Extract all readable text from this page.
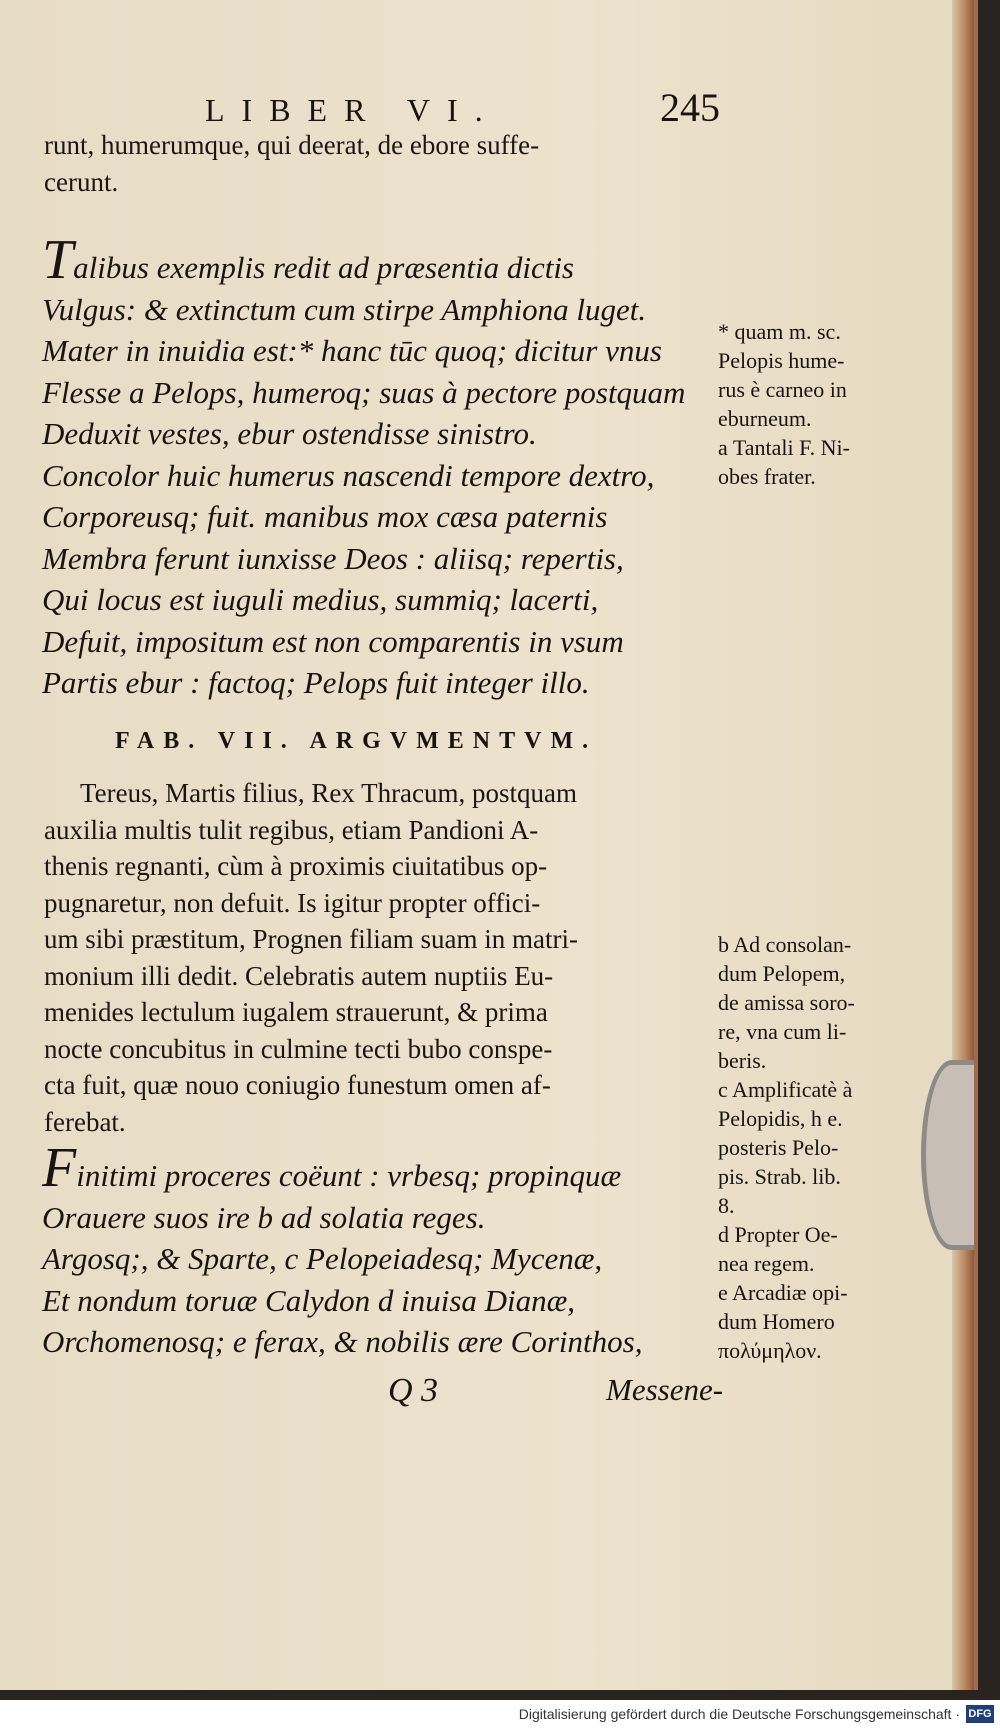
LIBER VI.	245
runt, humerumque, qui deerat, de ebore suffe-
cerunt.
Talibus exemplis redit ad præsentia dictis
Vulgus: & extinctum cum stirpe Amphiona luget.
Mater in inuidia est:* hanc tūc quoq; dicitur vnus
Flesse a Pelops, humeroq; suas à pectore postquam
Deduxit vestes, ebur ostendisse sinistro.
Concolor huic humerus nascendi tempore dextro,
Corporeusq; fuit. manibus mox cæsa paternis
Membra ferunt iunxisse Deos : aliisq; repertis,
Qui locus est iuguli medius, summiq; lacerti,
Defuit, impositum est non comparentis in vsum
Partis ebur : factoq; Pelops fuit integer illo.
* quam m. sc.
Pelopis hume-
rus è carneo in
eburneum.
a Tantali F. Ni-
obes frater.
FAB. VII. ARGVMENTVM.
Tereus, Martis filius, Rex Thracum, postquam
auxilia multis tulit regibus, etiam Pandioni A-
thenis regnanti, cùm à proximis ciuitatibus op-
pugnaretur, non defuit. Is igitur propter offici-
um sibi præstitum, Prognen filiam suam in matri-
monium illi dedit. Celebratis autem nuptiis Eu-
menides lectulum iugalem strauerunt, & prima
nocte concubitus in culmine tecti bubo conspe-
cta fuit, quæ nouo coniugio funestum omen af-
ferebat.
b Ad consolan-
dum Pelopem,
de amissa soro-
re, vna cum li-
beris.
c Amplificatè à
Pelopidis, h e.
posteris Pelo-
pis. Strab. lib.
8.
d Propter Oe-
nea regem.
e Arcadiæ opi-
dum Homero
πολύμηλον.
Finitimi proceres coëunt : vrbesq; propinquæ
Orauere suos ire b ad solatia reges.
Argosq;, & Sparte, c Pelopeiadesq; Mycenæ,
Et nondum toruæ Calydon d inuisa Dianæ,
Orchomenosq; e ferax, & nobilis ære Corinthos,
Q 3	Messene-
Digitalisierung gefördert durch die Deutsche Forschungsgemeinschaft · DFG
